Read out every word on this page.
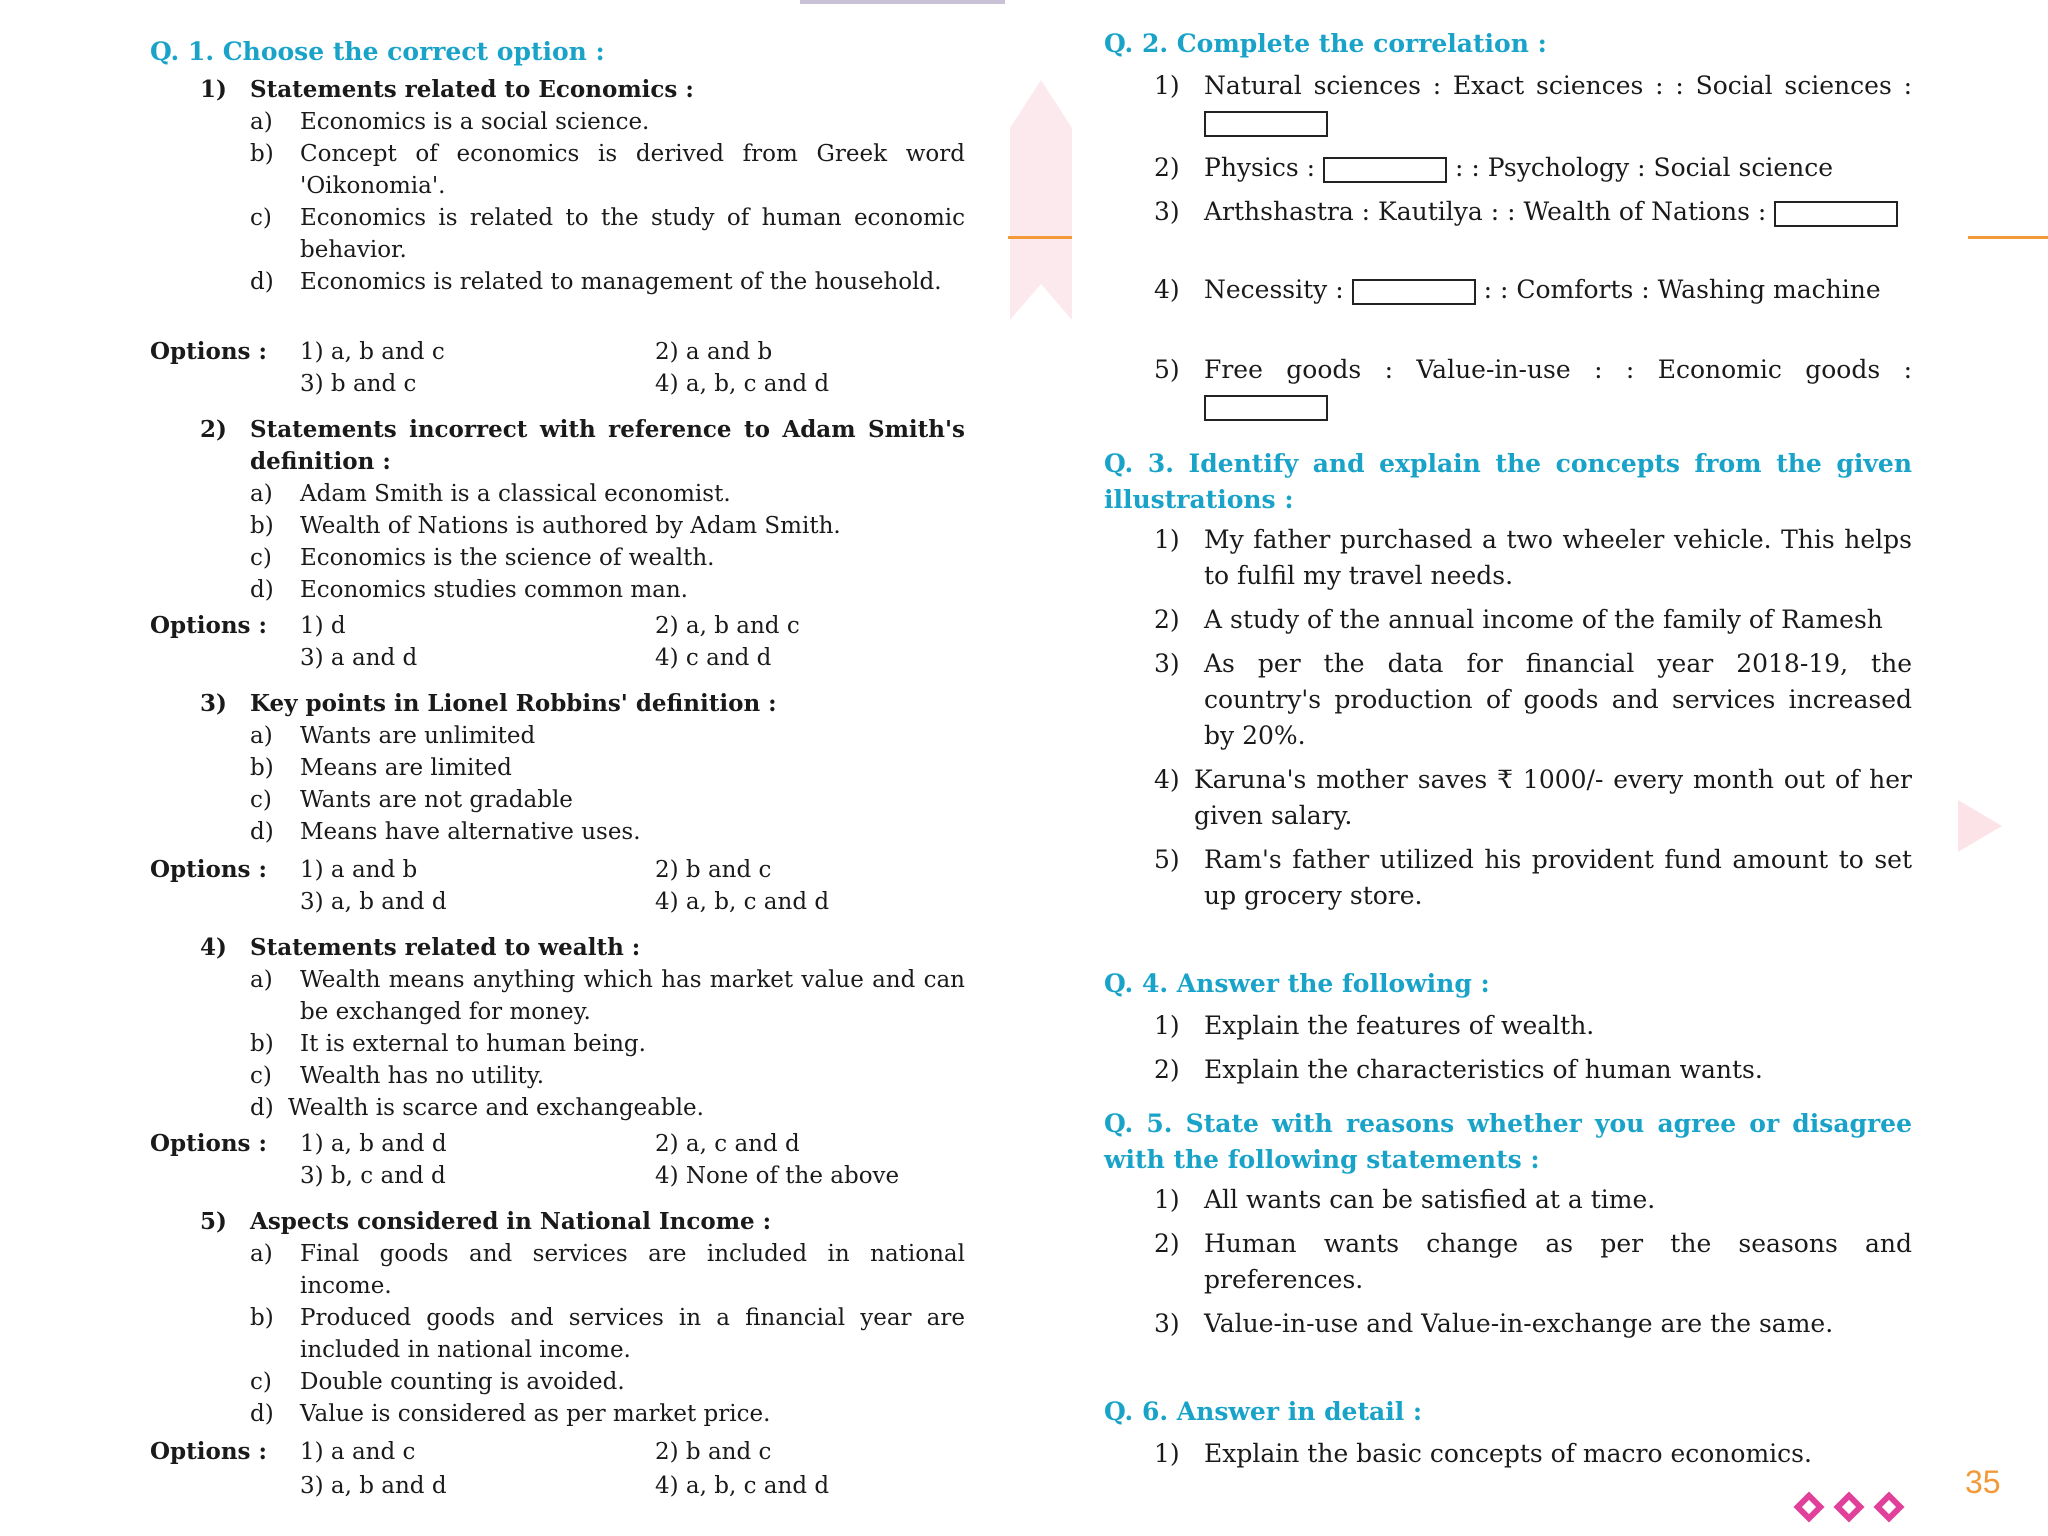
Q. 1. Choose the correct option :
1) Statements related to Economics :
a) Economics is a social science.
b) Concept of economics is derived from Greek word 'Oikonomia'.
c) Economics is related to the study of human economic behavior.
d) Economics is related to management of the household.
Options : 1) a, b and c	2) a and b
3) b and c	4) a, b, c and d
2) Statements incorrect with reference to Adam Smith's definition :
a) Adam Smith is a classical economist.
b) Wealth of Nations is authored by Adam Smith.
c) Economics is the science of wealth.
d) Economics studies common man.
Options : 1) d	2) a, b and c
3) a and d	4) c and d
3) Key points in Lionel Robbins' definition :
a) Wants are unlimited
b) Means are limited
c) Wants are not gradable
d) Means have alternative uses.
Options : 1) a and b	2) b and c
3) a, b and d	4) a, b, c and d
4) Statements related to wealth :
a) Wealth means anything which has market value and can be exchanged for money.
b) It is external to human being.
c) Wealth has no utility.
d) Wealth is scarce and exchangeable.
Options : 1) a, b and d	2) a, c and d
3) b, c and d	4) None of the above
5) Aspects considered in National Income :
a) Final goods and services are included in national income.
b) Produced goods and services in a financial year are included in national income.
c) Double counting is avoided.
d) Value is considered as per market price.
Options : 1) a and c	2) b and c
3) a, b and d	4) a, b, c and d
Q. 2. Complete the correlation :
1) Natural sciences : Exact sciences : : Social sciences :
2) Physics :	: : Psychology : Social science
3) Arthshastra : Kautilya : : Wealth of Nations :
4) Necessity :	: : Comforts : Washing machine
5) Free goods : Value-in-use : : Economic goods :
Q. 3. Identify and explain the concepts from the given illustrations :
1) My father purchased a two wheeler vehicle. This helps to fulfil my travel needs.
2) A study of the annual income of the family of Ramesh
3) As per the data for financial year 2018-19, the country's production of goods and services increased by 20%.
4) Karuna's mother saves ₹ 1000/- every month out of her given salary.
5) Ram's father utilized his provident fund amount to set up grocery store.
Q. 4. Answer the following :
1) Explain the features of wealth.
2) Explain the characteristics of human wants.
Q. 5. State with reasons whether you agree or disagree with the following statements :
1) All wants can be satisfied at a time.
2) Human wants change as per the seasons and preferences.
3) Value-in-use and Value-in-exchange are the same.
Q. 6. Answer in detail :
1) Explain the basic concepts of macro economics.
35
